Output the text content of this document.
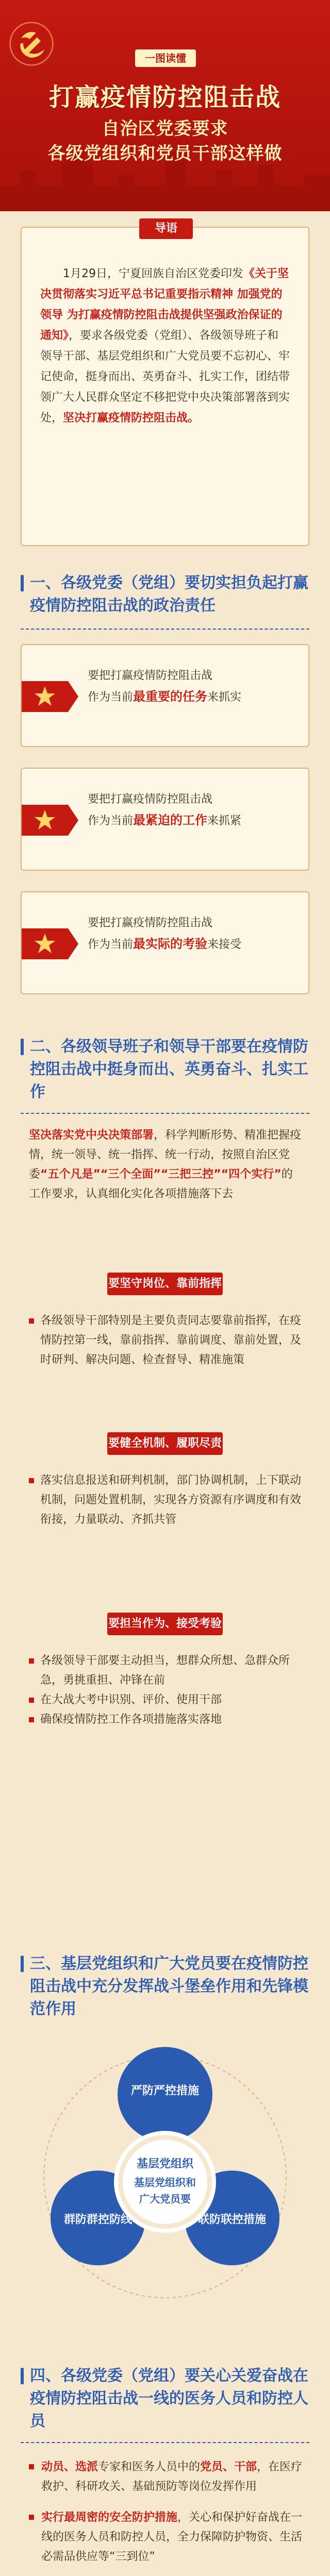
一图读懂
打赢疫情防控阻击战
自治区党委要求
各级党组织和党员干部这样做
导语

1月29日，宁夏回族自治区党委印发《关于坚决贯彻落实习近平总书记重要指示精神 加强党的领导 为打赢疫情防控阻击战提供坚强政治保证的通知》，要求各级党委（党组）、各级领导班子和领导干部、基层党组织和广大党员要不忘初心、牢记使命，挺身而出、英勇奋斗、扎实工作，团结带领广大人民群众坚定不移把党中央决策部署落到实处，坚决打赢疫情防控阻击战。

一、各级党委（党组）要切实担负起打赢疫情防控阻击战的政治责任
要把打赢疫情防控阻击战
作为当前最重要的任务来抓实
要把打赢疫情防控阻击战
作为当前最紧迫的工作来抓紧
要把打赢疫情防控阻击战
作为当前最实际的考验来接受
二、各级领导班子和领导干部要在疫情防控阻击战中挺身而出、英勇奋斗、扎实工作
坚决落实党中央决策部署，科学判断形势、精准把握疫情，统一领导、统一指挥、统一行动，按照自治区党委“五个凡是”“三个全面”“三把三控”“四个实行”的工作要求，认真细化实化各项措施落下去
要坚守岗位、靠前指挥
各级领导干部特别是主要负责同志要靠前指挥，在疫情防控第一线，靠前指挥、靠前调度、靠前处置，及时研判、解决问题、检查督导、精准施策
要健全机制、履职尽责
落实信息报送和研判机制，部门协调机制，上下联动机制，问题处置机制，实现各方资源有序调度和有效衔接，力量联动、齐抓共管
要担当作为、接受考验
各级领导干部要主动担当，想群众所想、急群众所急，勇挑重担、冲锋在前
在大战大考中识别、评价、使用干部
确保疫情防控工作各项措施落实落地
三、基层党组织和广大党员要在疫情防控阻击战中充分发挥战斗堡垒作用和先锋模范作用
严防严控措施
群防群控防线	联防联控措施
基层党组织
基层党组织和
广大党员要
四、各级党委（党组）要关心关爱奋战在疫情防控阻击战一线的医务人员和防控人员
动员、选派专家和医务人员中的党员、干部，在医疗救护、科研攻关、基础预防等岗位发挥作用
实行最周密的安全防护措施，关心和保护好奋战在一线的医务人员和防控人员，全力保障防护物资、生活必需品供应等“三到位”
